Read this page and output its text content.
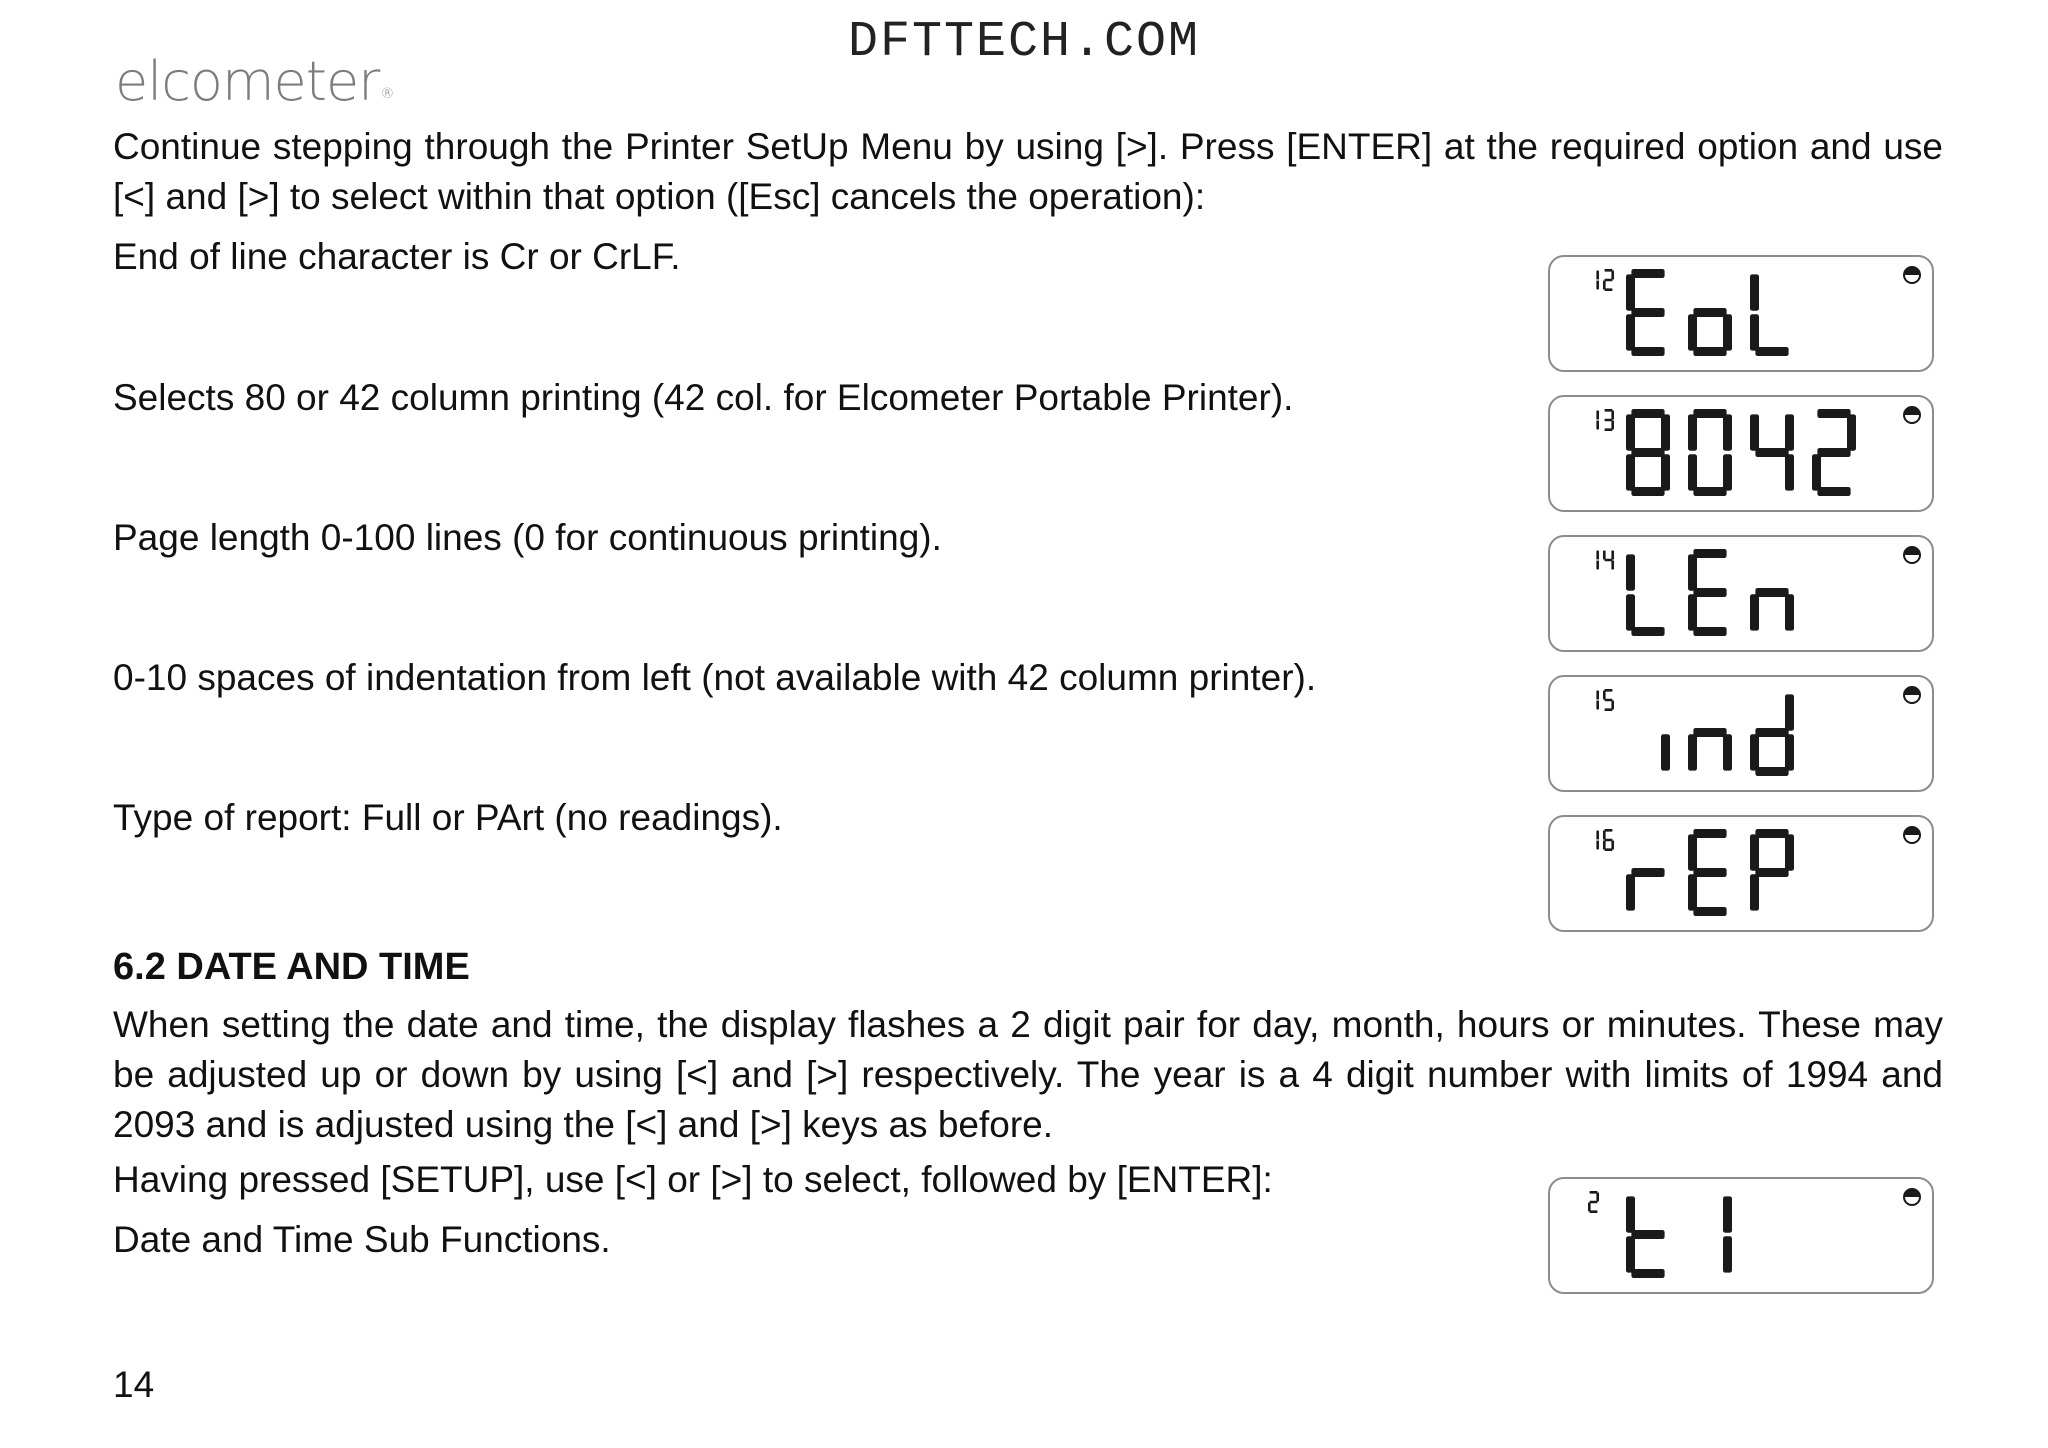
DFTTECH.COM
elcometer®
Continue stepping through the Printer SetUp Menu by using [>]. Press [ENTER] at the required option and use [<] and [>] to select within that option ([Esc] cancels the operation):
End of line character is Cr or CrLF.
Selects 80 or 42 column printing (42 col. for Elcometer Portable Printer).
Page length 0-100 lines (0 for continuous printing).
0-10 spaces of indentation from left (not available with 42 column printer).
Type of report: Full or PArt (no readings).
6.2 DATE AND TIME
When setting the date and time, the display flashes a 2 digit pair for day, month, hours or minutes. These may be adjusted up or down by using [<] and [>] respectively. The year is a 4 digit number with limits of 1994 and 2093 and is adjusted using the [<] and [>] keys as before.
Having pressed [SETUP], use [<] or [>] to select, followed by [ENTER]:
Date and Time Sub Functions.
14
